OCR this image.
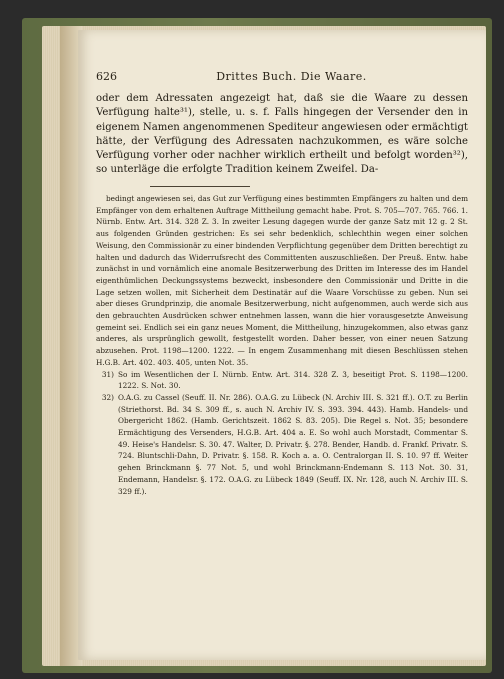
626	Drittes Buch. Die Waare.

oder dem Adressaten angezeigt hat, daß sie die Waare zu dessen Verfügung halte³¹), stelle, u. s. f. Falls hingegen der Versender den in eigenem Namen angenommenen Spediteur angewiesen oder ermächtigt hätte, der Verfügung des Adressaten nachzukommen, es wäre solche Verfügung vorher oder nachher wirklich ertheilt und befolgt worden³²), so unterläge die erfolgte Tradition keinem Zweifel. Da-

bedingt angewiesen sei, das Gut zur Verfügung eines bestimmten Empfängers zu halten und dem Empfänger von dem erhaltenen Auftrage Mittheilung gemacht habe. Prot. S. 705—707. 765. 766. 1. Nürnb. Entw. Art. 314. 328 Z. 3. In zweiter Lesung dagegen wurde der ganze Satz mit 12 g. 2 St. aus folgenden Gründen gestrichen: Es sei sehr bedenklich, schlechthin wegen einer solchen Weisung, den Commissionär zu einer bindenden Verpflichtung gegenüber dem Dritten berechtigt zu halten und dadurch das Widerrufsrecht des Committenten auszuschließen. Der Preuß. Entw. habe zunächst in und vornämlich eine anomale Besitzerwerbung des Dritten im Interesse des im Handel eigenthümlichen Deckungssystems bezweckt, insbesondere den Commissionär und Dritte in die Lage setzen wollen, mit Sicherheit dem Destinatär auf die Waare Vorschüsse zu geben. Nun sei aber dieses Grundprinzip, die anomale Besitzerwerbung, nicht aufgenommen, auch werde sich aus den gebrauchten Ausdrücken schwer entnehmen lassen, wann die hier vorausgesetzte Anweisung gemeint sei. Endlich sei ein ganz neues Moment, die Mittheilung, hinzugekommen, also etwas ganz anderes, als ursprünglich gewollt, festgestellt worden. Daher besser, von einer neuen Satzung abzusehen. Prot. 1198—1200. 1222. — In engem Zusammenhang mit diesen Beschlüssen stehen H.G.B. Art. 402. 403. 405, unten Not. 35.

31) So im Wesentlichen der I. Nürnb. Entw. Art. 314. 328 Z. 3, beseitigt Prot. S. 1198—1200. 1222. S. Not. 30.
32) O.A.G. zu Cassel (Seuff. II. Nr. 286). O.A.G. zu Lübeck (N. Archiv III. S. 321 ff.). O.T. zu Berlin (Striethorst. Bd. 34 S. 309 ff., s. auch N. Archiv IV. S. 393. 394. 443). Hamb. Handels- und Obergericht 1862. (Hamb. Gerichtszeit. 1862 S. 83. 205). Die Regel s. Not. 35; besondere Ermächtigung des Versenders, H.G.B. Art. 404 a. E. So wohl auch Morstadt, Commentar S. 49. Heise's Handelsr. S. 30. 47. Walter, D. Privatr. §. 278. Bender, Handb. d. Frankf. Privatr. S. 724. Bluntschli-Dahn, D. Privatr. §. 158. R. Koch a. a. O. Centralorgan II. S. 10. 97 ff. Weiter gehen Brinckmann §. 77 Not. 5, und wohl Brinckmann-Endemann S. 113 Not. 30. 31, Endemann, Handelsr. §. 172. O.A.G. zu Lübeck 1849 (Seuff. IX. Nr. 128, auch N. Archiv III. S. 329 ff.).
